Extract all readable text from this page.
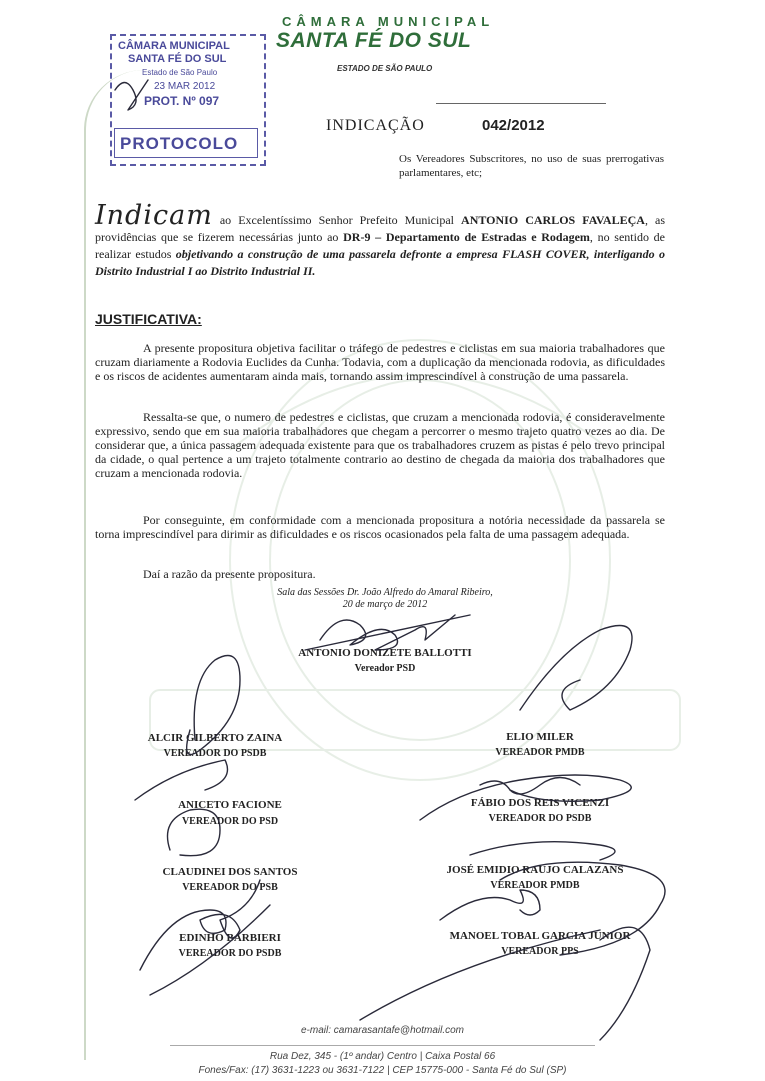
CÂMARA MUNICIPAL
SANTA FÉ DO SUL
ESTADO DE SÃO PAULO
CÂMARA MUNICIPAL
SANTA FÉ DO SUL
Estado de São Paulo
23 MAR 2012
PROT. Nº 097
PROTOCOLO
INDICAÇÃO	042/2012
Os Vereadores Subscritores, no uso de suas prerrogativas parlamentares, etc;
Indicam ao Excelentíssimo Senhor Prefeito Municipal ANTONIO CARLOS FAVALEÇA, as providências que se fizerem necessárias junto ao DR-9 – Departamento de Estradas e Rodagem, no sentido de realizar estudos objetivando a construção de uma passarela defronte a empresa FLASH COVER, interligando o Distrito Industrial I ao Distrito Industrial II.
JUSTIFICATIVA:
A presente propositura objetiva facilitar o tráfego de pedestres e ciclistas em sua maioria trabalhadores que cruzam diariamente a Rodovia Euclides da Cunha. Todavia, com a duplicação da mencionada rodovia, as dificuldades e os riscos de acidentes aumentaram ainda mais, tornando assim imprescindível à construção de uma passarela.
Ressalta-se que, o numero de pedestres e ciclistas, que cruzam a mencionada rodovia, é consideravelmente expressivo, sendo que em sua maioria trabalhadores que chegam a percorrer o mesmo trajeto quatro vezes ao dia. De considerar que, a única passagem adequada existente para que os trabalhadores cruzem as pistas é pelo trevo principal da cidade, o qual pertence a um trajeto totalmente contrario ao destino de chegada da maioria dos trabalhadores que cruzam a mencionada rodovia.
Por conseguinte, em conformidade com a mencionada propositura a notória necessidade da passarela se torna imprescindível para dirimir as dificuldades e os riscos ocasionados pela falta de uma passagem adequada.
Daí a razão da presente propositura.
Sala das Sessões Dr. João Alfredo do Amaral Ribeiro,
20 de março de 2012
ANTONIO DONIZETE BALLOTTI
Vereador PSD
ALCIR GILBERTO ZAINA
VEREADOR DO PSDB
ANICETO FACIONE
VEREADOR DO PSD
CLAUDINEI DOS SANTOS
VEREADOR DO PSB
EDINHO BARBIERI
VEREADOR DO PSDB
ELIO MILER
VEREADOR PMDB
FÁBIO DOS REIS VICENZI
VEREADOR DO PSDB
JOSÉ EMIDIO RAUJO CALAZANS
VEREADOR PMDB
MANOEL TOBAL GARCIA JUNIOR
VEREADOR PPS
e-mail: camarasantafe@hotmail.com
Rua Dez, 345 - (1º andar) Centro | Caixa Postal 66
Fones/Fax: (17) 3631-1223 ou 3631-7122 | CEP 15775-000 - Santa Fé do Sul (SP)
